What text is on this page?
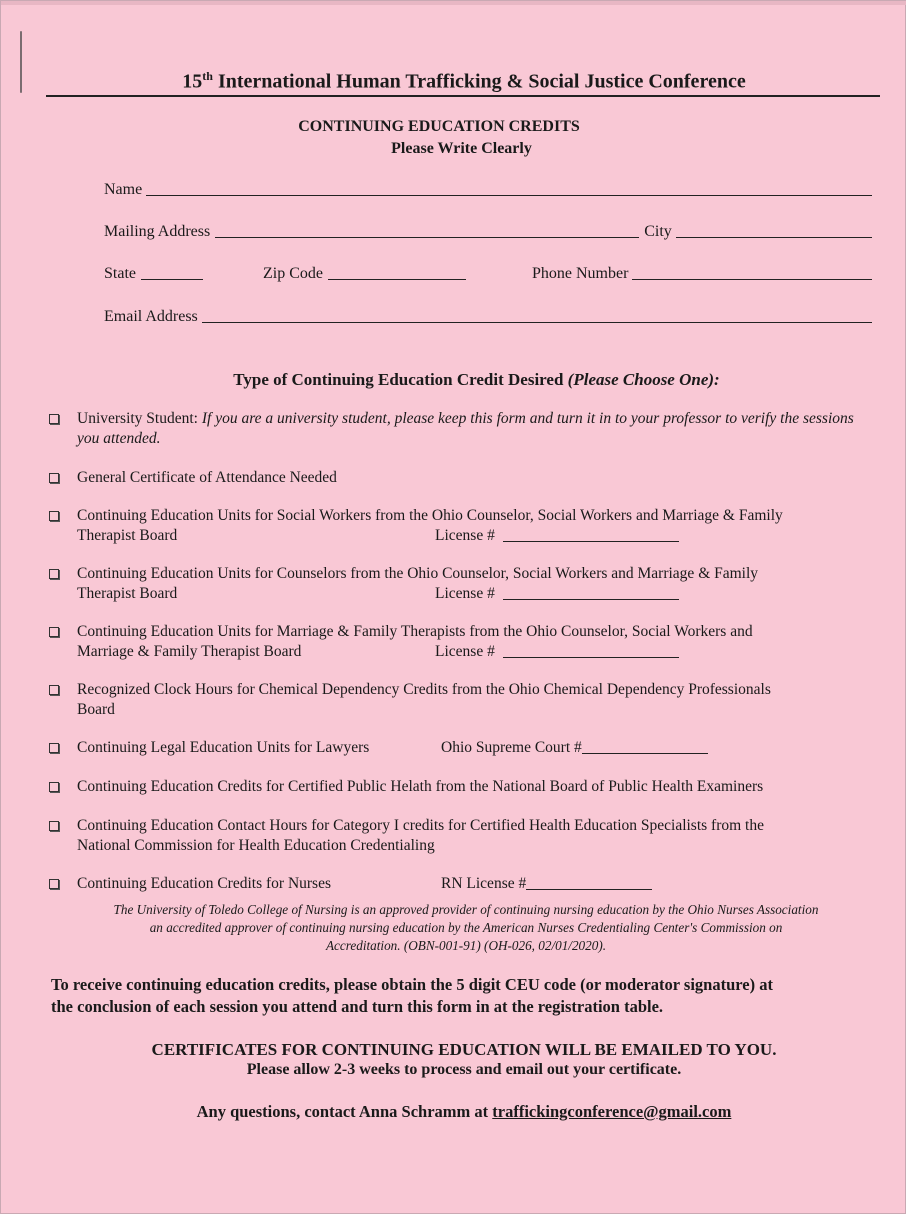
15th International Human Trafficking & Social Justice Conference
CONTINUING EDUCATION CREDITS
Please Write Clearly
Name
Mailing Address	City
State	Zip Code	Phone Number
Email Address
Type of Continuing Education Credit Desired (Please Choose One):
University Student: If you are a university student, please keep this form and turn it in to your professor to verify the sessions you attended.
General Certificate of Attendance Needed
Continuing Education Units for Social Workers from the Ohio Counselor, Social Workers and Marriage & Family
Therapist Board	License #
Continuing Education Units for Counselors from the Ohio Counselor, Social Workers and Marriage & Family
Therapist Board	License #
Continuing Education Units for Marriage & Family Therapists from the Ohio Counselor, Social Workers and
Marriage & Family Therapist Board	License #
Recognized Clock Hours for Chemical Dependency Credits from the Ohio Chemical Dependency Professionals
Board
Continuing Legal Education Units for Lawyers	Ohio Supreme Court #
Continuing Education Credits for Certified Public Helath from the National Board of Public Health Examiners
Continuing Education Contact Hours for Category I credits for Certified Health Education Specialists from the
National Commission for Health Education Credentialing
Continuing Education Credits for Nurses	RN License #
The University of Toledo College of Nursing is an approved provider of continuing nursing education by the Ohio Nurses Association
an accredited approver of continuing nursing education by the American Nurses Credentialing Center's Commission on
Accreditation. (OBN-001-91) (OH-026, 02/01/2020).
To receive continuing education credits, please obtain the 5 digit CEU code (or moderator signature) at
the conclusion of each session you attend and turn this form in at the registration table.
CERTIFICATES FOR CONTINUING EDUCATION WILL BE EMAILED TO YOU.
Please allow 2-3 weeks to process and email out your certificate.
Any questions, contact Anna Schramm at traffickingconference@gmail.com
